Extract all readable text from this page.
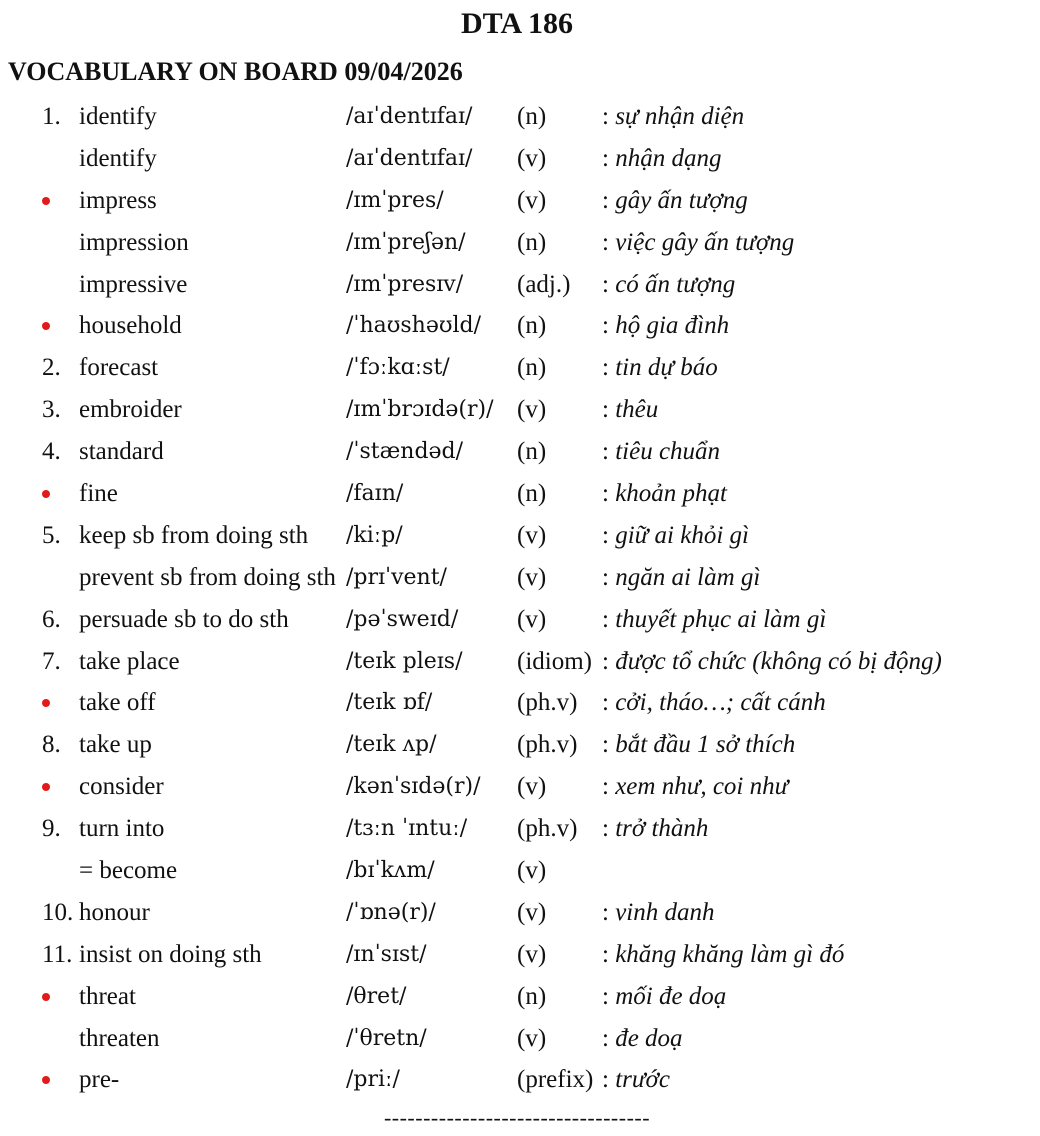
DTA 186
VOCABULARY ON BOARD 09/04/2026
1. identify	/aɪˈdentɪfaɪ/ (n) : sự nhận diện
identify	/aɪˈdentɪfaɪ/ (v) : nhận dạng
impress	/ɪmˈpres/	(v) : gây ấn tượng
impression	/ɪmˈpreʃən/ (n) : việc gây ấn tượng
impressive	/ɪmˈpresɪv/ (adj.) : có ấn tượng
household	/ˈhaʊshəʊld/ (n) : hộ gia đình
2. forecast	/ˈfɔːkɑːst/	(n) : tin dự báo
3. embroider	/ɪmˈbrɔɪdə(r)/ (v) : thêu
4. standard	/ˈstændəd/ (n) : tiêu chuẩn
fine	/faɪn/	(n) : khoản phạt
5. keep sb from doing sth /kiːp/	(v) : giữ ai khỏi gì
prevent sb from doing sth /prɪˈvent/	(v) : ngăn ai làm gì
6. persuade sb to do sth	/pəˈsweɪd/ (v) : thuyết phục ai làm gì
7. take place	/teɪk pleɪs/ (idiom) : được tổ chức (không có bị động)
take off	/teɪk ɒf/	(ph.v) : cởi, tháo…; cất cánh
8. take up	/teɪk ʌp/	(ph.v) : bắt đầu 1 sở thích
consider	/kənˈsɪdə(r)/ (v) : xem như, coi như
9. turn into	/tɜːn ˈɪntuː/ (ph.v) : trở thành
= become	/bɪˈkʌm/	(v)
10. honour	/ˈɒnə(r)/	(v) : vinh danh
11. insist on doing sth	/ɪnˈsɪst/	(v) : khăng khăng làm gì đó
threat	/θret/	(n) : mối đe doạ
threaten	/ˈθretn/	(v) : đe doạ
pre-	/priː/	(prefix) : trước
----------------------------------
